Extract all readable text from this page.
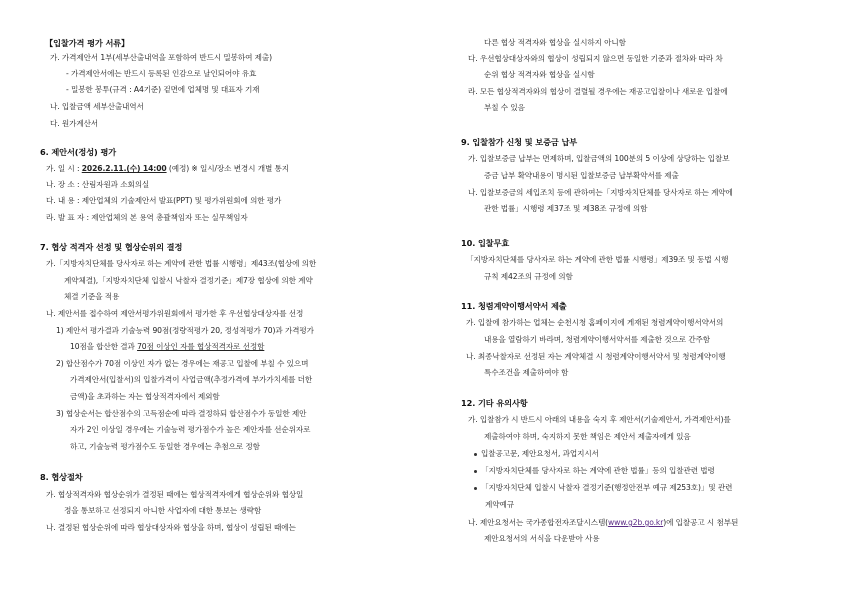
【입찰가격 평가 서류】
가. 가격제안서 1부(세부산출내역을 포함하여 반드시 밀봉하여 제출)
- 가격제안서에는 반드시 등록된 인감으로 날인되어야 유효
- 밀봉한 봉투(규격 : A4기준) 겉면에 업체명 및 대표자 기재
나. 입찰금액 세부산출내역서
다. 원가계산서
6. 제안서(정성) 평가
가. 일 시 : 2026.2.11.(수) 14:00 (예정) ※ 일시/장소 변경시 개별 통지
나. 장 소 : 산림자원과 소회의실
다. 내 용 : 제안업체의 기술제안서 발표(PPT) 및 평가위원회에 의한 평가
라. 발 표 자 : 제안업체의 본 용역 총괄책임자 또는 실무책임자
7. 협상 적격자 선정 및 협상순위의 결정
가.「지방자치단체를 당사자로 하는 계약에 관한 법률 시행령」제43조(협상에 의한
계약체결),「지방자치단체 입찰시 낙찰자 결정기준」제7장 협상에 의한 계약
체결 기준을 적용
나. 제안서를 접수하여 제안서평가위원회에서 평가한 후 우선협상대상자를 선정
1) 제안서 평가결과 기술능력 90점(정량적평가 20, 정성적평가 70)과 가격평가
10점을 합산한 결과 70점 이상인 자를 협상적격자로 선정함
2) 합산점수가 70점 이상인 자가 없는 경우에는 재공고 입찰에 부칠 수 있으며
가격제안서(입찰서)의 입찰가격이 사업금액(추정가격에 부가가치세를 더한
금액)을 초과하는 자는 협상적격자에서 제외함
3) 협상순서는 합산점수의 고득점순에 따라 결정하되 합산점수가 동일한 제안
자가 2인 이상일 경우에는 기술능력 평가점수가 높은 제안자를 선순위자로
하고, 기술능력 평가점수도 동일한 경우에는 추첨으로 정함
8. 협상절차
가. 협상적격자와 협상순위가 결정된 때에는 협상적격자에게 협상순위와 협상일
정을 통보하고 선정되지 아니한 사업자에 대한 통보는 생략함
나. 결정된 협상순위에 따라 협상대상자와 협상을 하며, 협상이 성립된 때에는
다른 협상 적격자와 협상을 실시하지 아니함
다. 우선협상대상자와의 협상이 성립되지 않으면 동일한 기준과 절차와 따라 차
순위 협상 적격자와 협상을 실시함
라. 모든 협상적격자와의 협상이 결렬될 경우에는 재공고입찰이나 새로운 입찰에
부칠 수 있음
9. 입찰참가 신청 및 보증금 납부
가. 입찰보증금 납부는 면제하며, 입찰금액의 100분의 5 이상에 상당하는 입찰보
증금 납부 확약내용이 명시된 입찰보증금 납부확약서를 제출
나. 입찰보증금의 세입조치 등에 관하여는「지방자치단체를 당사자로 하는 계약에
관한 법률」시행령 제37조 및 제38조 규정에 의함
10. 입찰무효
「지방자치단체를 당사자로 하는 계약에 관한 법률 시행령」제39조 및 동법 시행
규칙 제42조의 규정에 의함
11. 청렴계약이행서약서 제출
가. 입찰에 참가하는 업체는 순천시청 홈페이지에 게재된 청렴계약이행서약서의
내용을 열람하기 바라며, 청렴계약이행서약서를 제출한 것으로 간주함
나. 최종낙찰자로 선정된 자는 계약체결 시 청렴계약이행서약서 및 청렴계약이행
특수조건을 제출하여야 함
12. 기타 유의사항
가. 입찰참가 시 반드시 아래의 내용을 숙지 후 제안서(기술제안서, 가격제안서)를
제출하여야 하며, 숙지하지 못한 책임은 제안서 제출자에게 있음
입찰공고문, 제안요청서, 과업지시서
「지방자치단체를 당사자로 하는 계약에 관한 법률」등의 입찰관련 법령
「지방자치단체 입찰시 낙찰자 결정기준(행정안전부 예규 제253호)」및 관련
계약예규
나. 제안요청서는 국가종합전자조달시스템(www.g2b.go.kr)에 입찰공고 시 첨부된
제안요청서의 서식을 다운받아 사용
